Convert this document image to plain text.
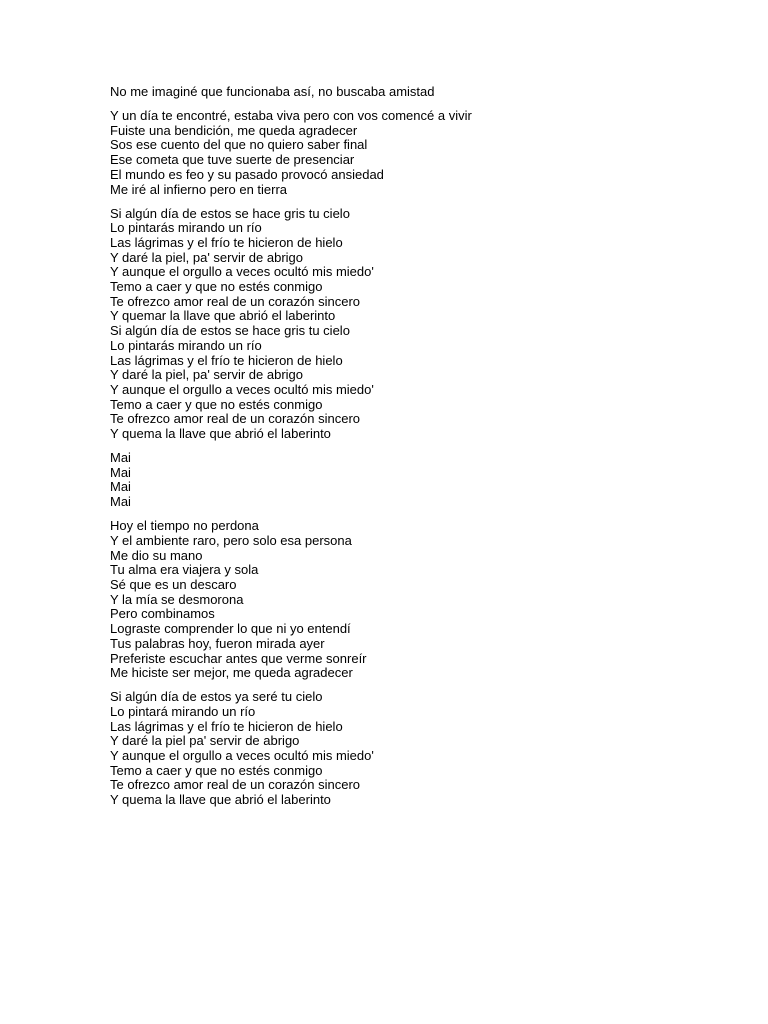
No me imaginé que funcionaba así, no buscaba amistad
Y un día te encontré, estaba viva pero con vos comencé a vivir
Fuiste una bendición, me queda agradecer
Sos ese cuento del que no quiero saber final
Ese cometa que tuve suerte de presenciar
El mundo es feo y su pasado provocó ansiedad
Me iré al infierno pero en tierra
Si algún día de estos se hace gris tu cielo
Lo pintarás mirando un río
Las lágrimas y el frío te hicieron de hielo
Y daré la piel, pa' servir de abrigo
Y aunque el orgullo a veces ocultó mis miedo'
Temo a caer y que no estés conmigo
Te ofrezco amor real de un corazón sincero
Y quemar la llave que abrió el laberinto
Si algún día de estos se hace gris tu cielo
Lo pintarás mirando un río
Las lágrimas y el frío te hicieron de hielo
Y daré la piel, pa' servir de abrigo
Y aunque el orgullo a veces ocultó mis miedo'
Temo a caer y que no estés conmigo
Te ofrezco amor real de un corazón sincero
Y quema la llave que abrió el laberinto
Mai
Mai
Mai
Mai
Hoy el tiempo no perdona
Y el ambiente raro, pero solo esa persona
Me dio su mano
Tu alma era viajera y sola
Sé que es un descaro
Y la mía se desmorona
Pero combinamos
Lograste comprender lo que ni yo entendí
Tus palabras hoy, fueron mirada ayer
Preferiste escuchar antes que verme sonreír
Me hiciste ser mejor, me queda agradecer
Si algún día de estos ya seré tu cielo
Lo pintará mirando un río
Las lágrimas y el frío te hicieron de hielo
Y daré la piel pa' servir de abrigo
Y aunque el orgullo a veces ocultó mis miedo'
Temo a caer y que no estés conmigo
Te ofrezco amor real de un corazón sincero
Y quema la llave que abrió el laberinto
